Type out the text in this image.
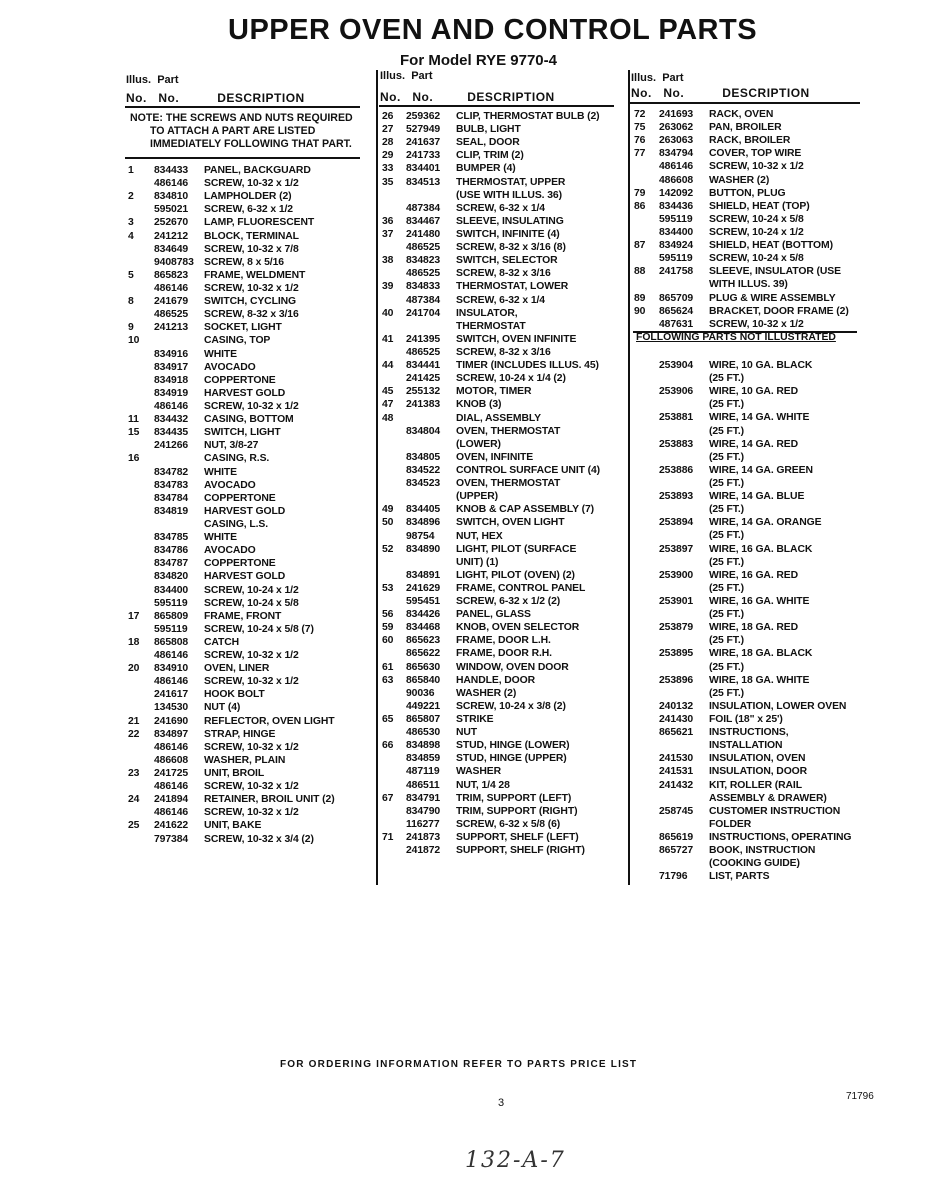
UPPER OVEN AND CONTROL PARTS
For Model RYE 9770-4
Illus. Part
No. No.	DESCRIPTION
NOTE: THE SCREWS AND NUTS REQUIRED
TO ATTACH A PART ARE LISTED
IMMEDIATELY FOLLOWING THAT PART.
Illus. Part
No. No.	DESCRIPTION
Illus. Part
No. No.	DESCRIPTION
1	834433	PANEL, BACKGUARD
486146	SCREW, 10-32 x 1/2
2	834810	LAMPHOLDER (2)
595021	SCREW, 6-32 x 1/2
3	252670	LAMP, FLUORESCENT
4	241212	BLOCK, TERMINAL
834649	SCREW, 10-32 x 7/8
9408783 SCREW, 8 x 5/16
5	865823	FRAME, WELDMENT
486146	SCREW, 10-32 x 1/2
8	241679	SWITCH, CYCLING
486525	SCREW, 8-32 x 3/16
9	241213	SOCKET, LIGHT
10	CASING, TOP
834916	WHITE
834917	AVOCADO
834918	COPPERTONE
834919	HARVEST GOLD
486146	SCREW, 10-32 x 1/2
11	834432	CASING, BOTTOM
15	834435	SWITCH, LIGHT
241266	NUT, 3/8-27
16	CASING, R.S.
834782	WHITE
834783	AVOCADO
834784	COPPERTONE
834819	HARVEST GOLD
CASING, L.S.
834785	WHITE
834786	AVOCADO
834787	COPPERTONE
834820	HARVEST GOLD
834400	SCREW, 10-24 x 1/2
595119	SCREW, 10-24 x 5/8
17	865809	FRAME, FRONT
595119	SCREW, 10-24 x 5/8 (7)
18	865808	CATCH
486146	SCREW, 10-32 x 1/2
20	834910	OVEN, LINER
486146	SCREW, 10-32 x 1/2
241617	HOOK BOLT
134530	NUT (4)
21	241690	REFLECTOR, OVEN LIGHT
22	834897	STRAP, HINGE
486146	SCREW, 10-32 x 1/2
486608	WASHER, PLAIN
23	241725	UNIT, BROIL
486146	SCREW, 10-32 x 1/2
24	241894	RETAINER, BROIL UNIT (2)
486146	SCREW, 10-32 x 1/2
25	241622	UNIT, BAKE
797384	SCREW, 10-32 x 3/4 (2)
26	259362	CLIP, THERMOSTAT BULB (2)
27	527949	BULB, LIGHT
28	241637	SEAL, DOOR
29	241733	CLIP, TRIM (2)
33	834401	BUMPER (4)
35	834513	THERMOSTAT, UPPER
(USE WITH ILLUS. 36)
487384	SCREW, 6-32 x 1/4
36	834467	SLEEVE, INSULATING
37	241480	SWITCH, INFINITE (4)
486525	SCREW, 8-32 x 3/16 (8)
38	834823	SWITCH, SELECTOR
486525	SCREW, 8-32 x 3/16
39	834833	THERMOSTAT, LOWER
487384	SCREW, 6-32 x 1/4
40	241704	INSULATOR,
THERMOSTAT
41	241395	SWITCH, OVEN INFINITE
486525	SCREW, 8-32 x 3/16
44	834441	TIMER (INCLUDES ILLUS. 45)
241425	SCREW, 10-24 x 1/4 (2)
45	255132	MOTOR, TIMER
47	241383	KNOB (3)
48	DIAL, ASSEMBLY
834804	OVEN, THERMOSTAT
(LOWER)
834805	OVEN, INFINITE
834522	CONTROL SURFACE UNIT (4)
834523	OVEN, THERMOSTAT
(UPPER)
49	834405	KNOB & CAP ASSEMBLY (7)
50	834896	SWITCH, OVEN LIGHT
98754	NUT, HEX
52	834890	LIGHT, PILOT (SURFACE
UNIT) (1)
834891	LIGHT, PILOT (OVEN) (2)
53	241629	FRAME, CONTROL PANEL
595451	SCREW, 6-32 x 1/2 (2)
56	834426	PANEL, GLASS
59	834468	KNOB, OVEN SELECTOR
60	865623	FRAME, DOOR L.H.
865622	FRAME, DOOR R.H.
61	865630	WINDOW, OVEN DOOR
63	865840	HANDLE, DOOR
90036	WASHER (2)
449221	SCREW, 10-24 x 3/8 (2)
65	865807	STRIKE
486530	NUT
66	834898	STUD, HINGE (LOWER)
834859	STUD, HINGE (UPPER)
487119	WASHER
486511	NUT, 1/4 28
67	834791	TRIM, SUPPORT (LEFT)
834790	TRIM, SUPPORT (RIGHT)
116277	SCREW, 6-32 x 5/8 (6)
71	241873	SUPPORT, SHELF (LEFT)
241872	SUPPORT, SHELF (RIGHT)
72	241693	RACK, OVEN
75	263062	PAN, BROILER
76	263063	RACK, BROILER
77	834794	COVER, TOP WIRE
486146	SCREW, 10-32 x 1/2
486608	WASHER (2)
79	142092	BUTTON, PLUG
86	834436	SHIELD, HEAT (TOP)
595119	SCREW, 10-24 x 5/8
834400	SCREW, 10-24 x 1/2
87	834924	SHIELD, HEAT (BOTTOM)
595119	SCREW, 10-24 x 5/8
88	241758	SLEEVE, INSULATOR (USE
WITH ILLUS. 39)
89	865709	PLUG & WIRE ASSEMBLY
90	865624	BRACKET, DOOR FRAME (2)
487631	SCREW, 10-32 x 1/2
FOLLOWING PARTS NOT ILLUSTRATED
253904	WIRE, 10 GA. BLACK
(25 FT.)
253906	WIRE, 10 GA. RED
(25 FT.)
253881	WIRE, 14 GA. WHITE
(25 FT.)
253883	WIRE, 14 GA. RED
(25 FT.)
253886	WIRE, 14 GA. GREEN
(25 FT.)
253893	WIRE, 14 GA. BLUE
(25 FT.)
253894	WIRE, 14 GA. ORANGE
(25 FT.)
253897	WIRE, 16 GA. BLACK
(25 FT.)
253900	WIRE, 16 GA. RED
(25 FT.)
253901	WIRE, 16 GA. WHITE
(25 FT.)
253879	WIRE, 18 GA. RED
(25 FT.)
253895	WIRE, 18 GA. BLACK
(25 FT.)
253896	WIRE, 18 GA. WHITE
(25 FT.)
240132	INSULATION, LOWER OVEN
241430	FOIL (18" x 25')
865621	INSTRUCTIONS,
INSTALLATION
241530	INSULATION, OVEN
241531	INSULATION, DOOR
241432	KIT, ROLLER (RAIL
ASSEMBLY & DRAWER)
258745	CUSTOMER INSTRUCTION
FOLDER
865619	INSTRUCTIONS, OPERATING
865727	BOOK, INSTRUCTION
(COOKING GUIDE)
71796	LIST, PARTS
FOR ORDERING INFORMATION REFER TO PARTS PRICE LIST
3
71796
132-A-7
